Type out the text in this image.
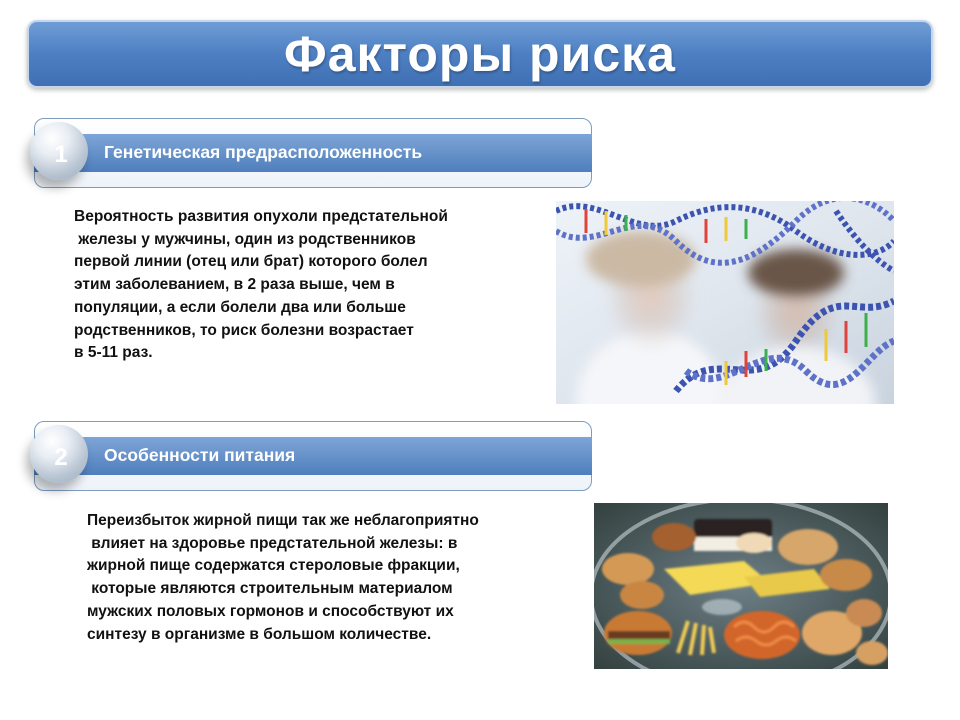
Факторы риска
1	Генетическая предрасположенность

Вероятность развития опухоли предстательной
железы у мужчины, один из родственников
первой линии (отец или брат) которого болел
этим заболеванием, в 2 раза выше, чем в
популяции, а если болели два или больше
родственников, то риск болезни возрастает
в 5-11 раз.

2	Особенности питания

Переизбыток жирной пищи так же неблагоприятно
влияет на здоровье предстательной железы: в
жирной пище содержатся стероловые фракции,
которые являются строительным материалом
мужских половых гормонов и способствуют их
синтезу в организме в большом количестве.
